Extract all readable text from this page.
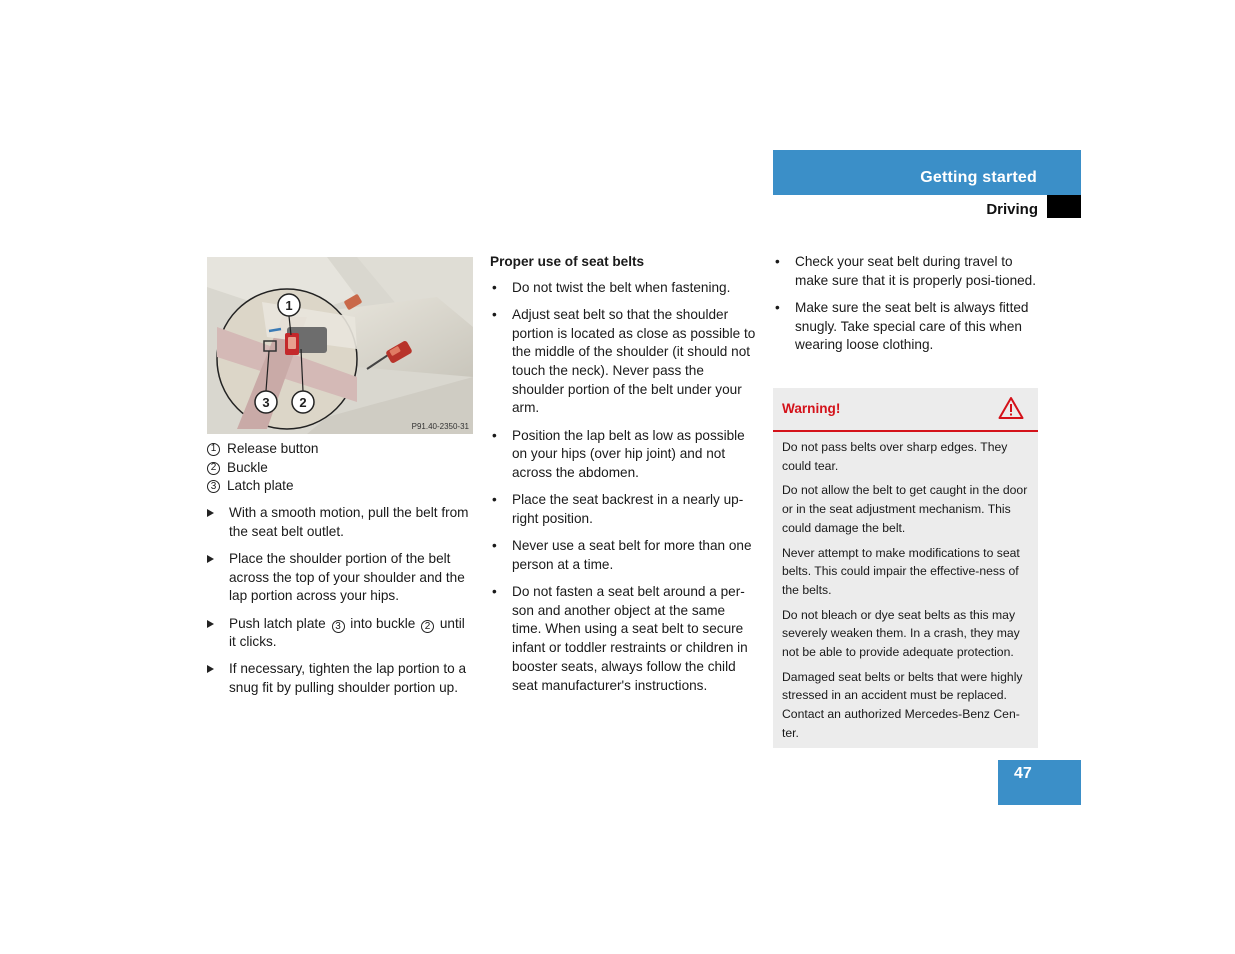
Getting started
Driving
1
3 2
P91.40-2350-31
1 Release button
2 Buckle
3 Latch plate
With a smooth motion, pull the belt from the seat belt outlet.
Place the shoulder portion of the belt across the top of your shoulder and the lap portion across your hips.
Push latch plate 3 into buckle 2 until it clicks.
If necessary, tighten the lap portion to a snug fit by pulling shoulder portion up.
Proper use of seat belts
• Do not twist the belt when fastening.
• Adjust seat belt so that the shoulder portion is located as close as possible to the middle of the shoulder (it should not touch the neck). Never pass the shoulder portion of the belt under your arm.
• Position the lap belt as low as possible on your hips (over hip joint) and not across the abdomen.
• Place the seat backrest in a nearly up-right position.
• Never use a seat belt for more than one person at a time.
• Do not fasten a seat belt around a per-son and another object at the same time. When using a seat belt to secure infant or toddler restraints or children in booster seats, always follow the child seat manufacturer's instructions.
• Check your seat belt during travel to make sure that it is properly posi-tioned.
• Make sure the seat belt is always fitted snugly. Take special care of this when wearing loose clothing.
Warning!

Do not pass belts over sharp edges. They could tear.

Do not allow the belt to get caught in the door or in the seat adjustment mechanism. This could damage the belt.

Never attempt to make modifications to seat belts. This could impair the effective-ness of the belts.

Do not bleach or dye seat belts as this may severely weaken them. In a crash, they may not be able to provide adequate protection.

Damaged seat belts or belts that were highly stressed in an accident must be replaced. Contact an authorized Mercedes-Benz Cen-ter.

47
